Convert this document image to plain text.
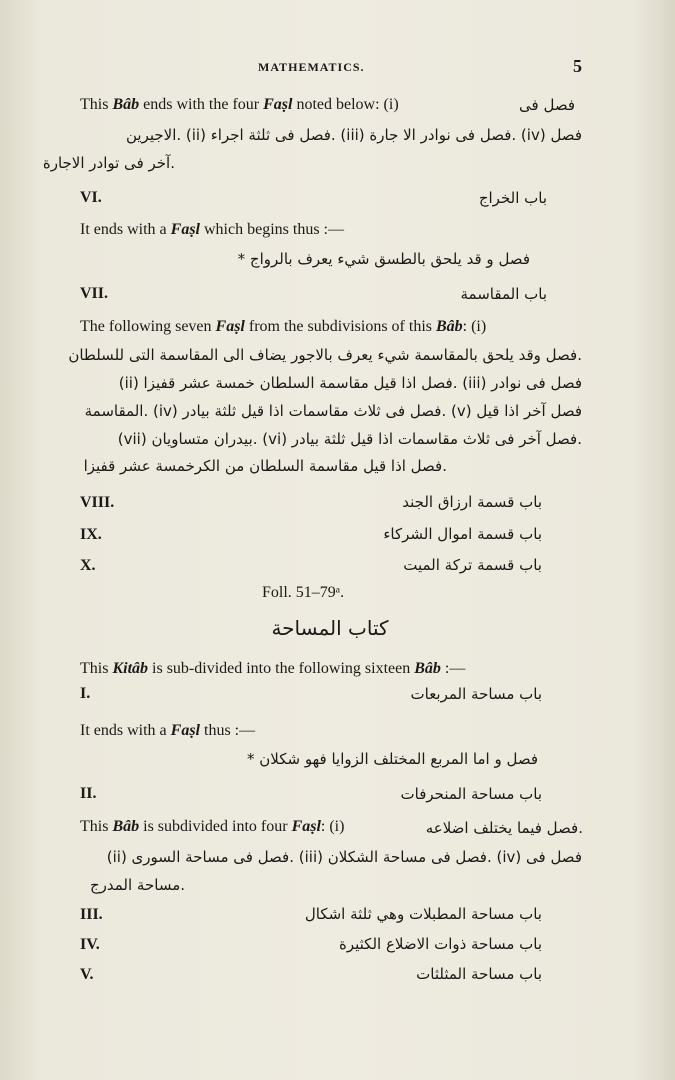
MATHEMATICS.	5
This Bâb ends with the four Faṣl noted below: (i)	فصل فى
فصل (iv) .فصل فى نوادر الا جارة (iii) .فصل فى ثلثة اجراء (ii) .الاجيرين
.آخر فى توادر الاجارة
VI.	باب الخراج
It ends with a Faṣl which begins thus :—
فصل و قد يلحق بالطسق شيء يعرف بالرواج *
VII.	باب المقاسمة
The following seven Faṣl from the subdivisions of this Bâb: (i)
.فصل وقد يلحق بالمقاسمة شيء يعرف بالاجور يضاف الى المقاسمة التى للسلطان
فصل فى نوادر (iii) .فصل اذا قيل مقاسمة السلطان خمسة عشر قفيزا (ii)
فصل آخر اذا قيل (v) .فصل فى ثلاث مقاسمات اذا قيل ثلثة بيادر (iv) .المقاسمة
.فصل آخر فى ثلاث مقاسمات اذا قيل ثلثة بيادر (vi) .بيدران متساويان (vii)
.فصل اذا قيل مقاسمة السلطان من الكرخمسة عشر قفيزا
VIII.	باب قسمة ارزاق الجند
IX.	باب قسمة اموال الشركاء
X.	باب قسمة تركة الميت
Foll. 51–79ᵃ.
كتاب المساحة
This Kitâb is sub-divided into the following sixteen Bâb :—
I.	باب مساحة المربعات
It ends with a Faṣl thus :—
فصل و اما المربع المختلف الزوايا فهو شكلان *
II.	باب مساحة المنحرفات
This Bâb is subdivided into four Faṣl: (i)	.فصل فيما يختلف اضلاعه
فصل فى (iv) .فصل فى مساحة الشكلان (iii) .فصل فى مساحة السورى (ii)
.مساحة المدرج
III.	باب مساحة المطبلات وهي ثلثة اشكال
IV.	باب مساحة ذوات الاضلاع الكثيرة
V.	باب مساحة المثلثات
